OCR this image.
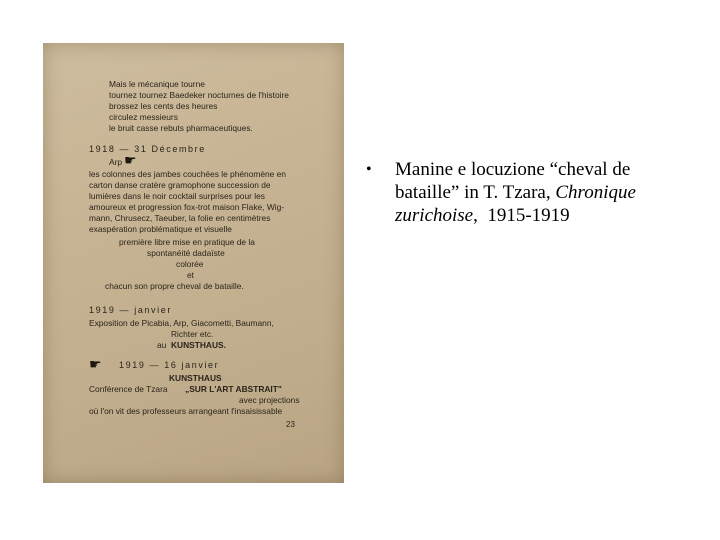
Mais le mécanique tourne
tournez tournez Baedeker nocturnes de l'histoire
brossez les cents des heures
circulez messieurs
le bruit casse rebuts pharmaceutiques.
1918 — 31 Décembre
Arp ☛
les colonnes des jambes couchées le phénomène en
carton danse cratère gramophone succession de
lumières dans le noir cocktail surprises pour les
amoureux et progression fox-trot maison Flake, Wig-
mann, Chrusecz, Taeuber, la folie en centimètres
exaspération problématique et visuelle
première libre mise en pratique de la
spontanéité dadaïste
colorée
et
chacun son propre cheval de bataille.
1919 — janvier
Exposition de Picabia, Arp, Giacometti, Baumann,
Richter etc.
au KUNSTHAUS.
☛ 1919 — 16 janvier
KUNSTHAUS
Conférence de Tzara „SUR L'ART ABSTRAIT"
avec projections
où l'on vit des professeurs arrangeant l'insaisissable
23
• Manine e locuzione “cheval de bataille” in T. Tzara, Chronique zurichoise,  1915-1919
